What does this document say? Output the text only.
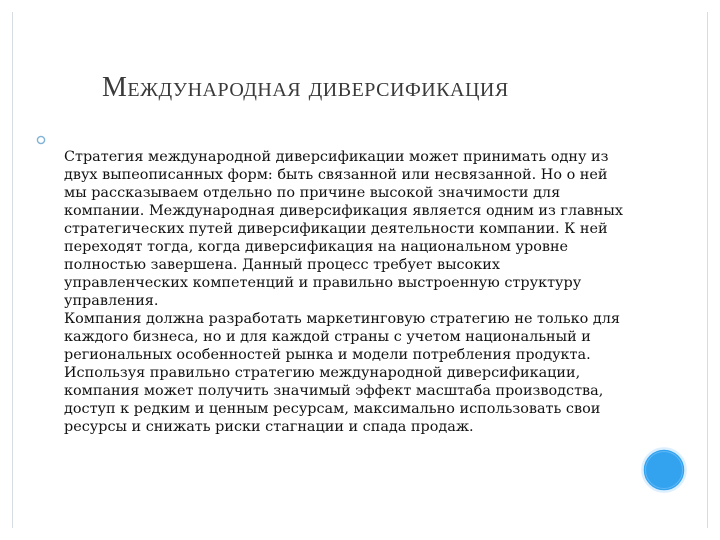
Международная диверсификация
Стратегия международной диверсификации может принимать одну из двух выпеописанных форм: быть связанной или несвязанной. Но о ней мы рассказываем отдельно по причине высокой значимости для компании. Международная диверсификация является одним из главных стратегических путей диверсификации деятельности компании. К ней переходят тогда, когда диверсификация на национальном уровне полностью завершена. Данный процесс требует высоких управленческих компетенций и правильно выстроенную структуру управления.
Компания должна разработать маркетинговую стратегию не только для каждого бизнеса, но и для каждой страны с учетом национальный и региональных особенностей рынка и модели потребления продукта. Используя правильно стратегию международной диверсификации, компания может получить значимый эффект масштаба производства, доступ к редким и ценным ресурсам, максимально использовать свои ресурсы и снижать риски стагнации и спада продаж.
